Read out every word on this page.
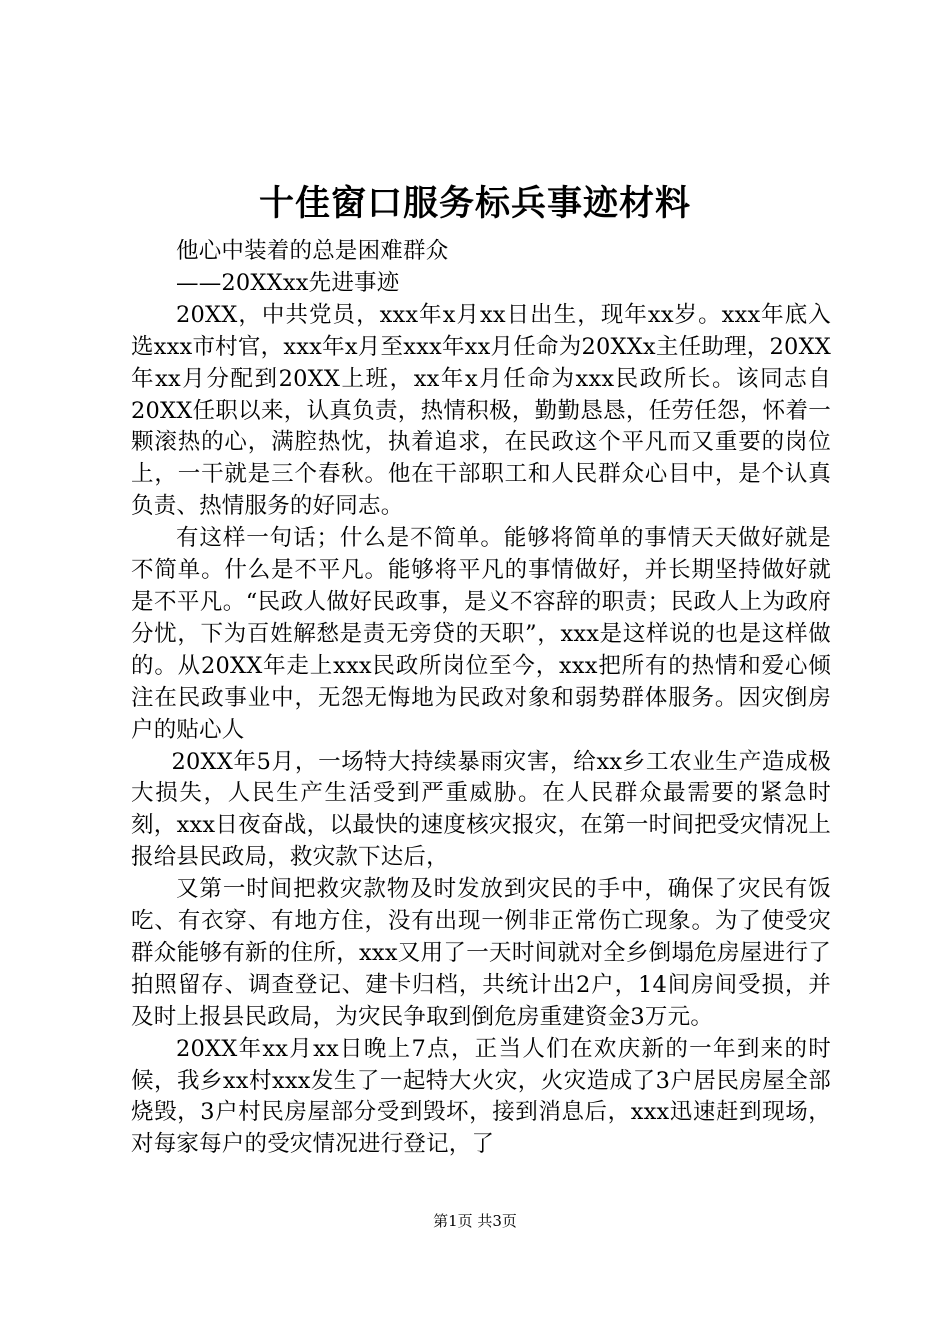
十佳窗口服务标兵事迹材料

他心中装着的总是困难群众

——20XXxx先进事迹

20XX，中共党员，xxx年x月xx日出生，现年xx岁。xxx年底入选xxx市村官，xxx年x月至xxx年xx月任命为20XXx主任助理，20XX年xx月分配到20XX上班，xx年x月任命为xxx民政所长。该同志自20XX任职以来，认真负责，热情积极，勤勤恳恳，任劳任怨，怀着一颗滚热的心，满腔热忱，执着追求，在民政这个平凡而又重要的岗位上，一干就是三个春秋。他在干部职工和人民群众心目中，是个认真负责、热情服务的好同志。

有这样一句话；什么是不简单。能够将简单的事情天天做好就是不简单。什么是不平凡。能够将平凡的事情做好，并长期坚持做好就是不平凡。“民政人做好民政事，是义不容辞的职责；民政人上为政府分忧，下为百姓解愁是责无旁贷的天职”，xxx是这样说的也是这样做的。从20XX年走上xxx民政所岗位至今，xxx把所有的热情和爱心倾注在民政事业中，无怨无悔地为民政对象和弱势群体服务。因灾倒房户的贴心人

20XX年5月，一场特大持续暴雨灾害，给xx乡工农业生产造成极大损失，人民生产生活受到严重威胁。在人民群众最需要的紧急时刻，xxx日夜奋战，以最快的速度核灾报灾，在第一时间把受灾情况上报给县民政局，救灾款下达后，

又第一时间把救灾款物及时发放到灾民的手中，确保了灾民有饭吃、有衣穿、有地方住，没有出现一例非正常伤亡现象。为了使受灾群众能够有新的住所，xxx又用了一天时间就对全乡倒塌危房屋进行了拍照留存、调查登记、建卡归档，共统计出2户，14间房间受损，并及时上报县民政局，为灾民争取到倒危房重建资金3万元。

20XX年xx月xx日晚上7点，正当人们在欢庆新的一年到来的时候，我乡xx村xxx发生了一起特大火灾，火灾造成了3户居民房屋全部烧毁，3户村民房屋部分受到毁坏，接到消息后，xxx迅速赶到现场，对每家每户的受灾情况进行登记，了

第1页 共3页
